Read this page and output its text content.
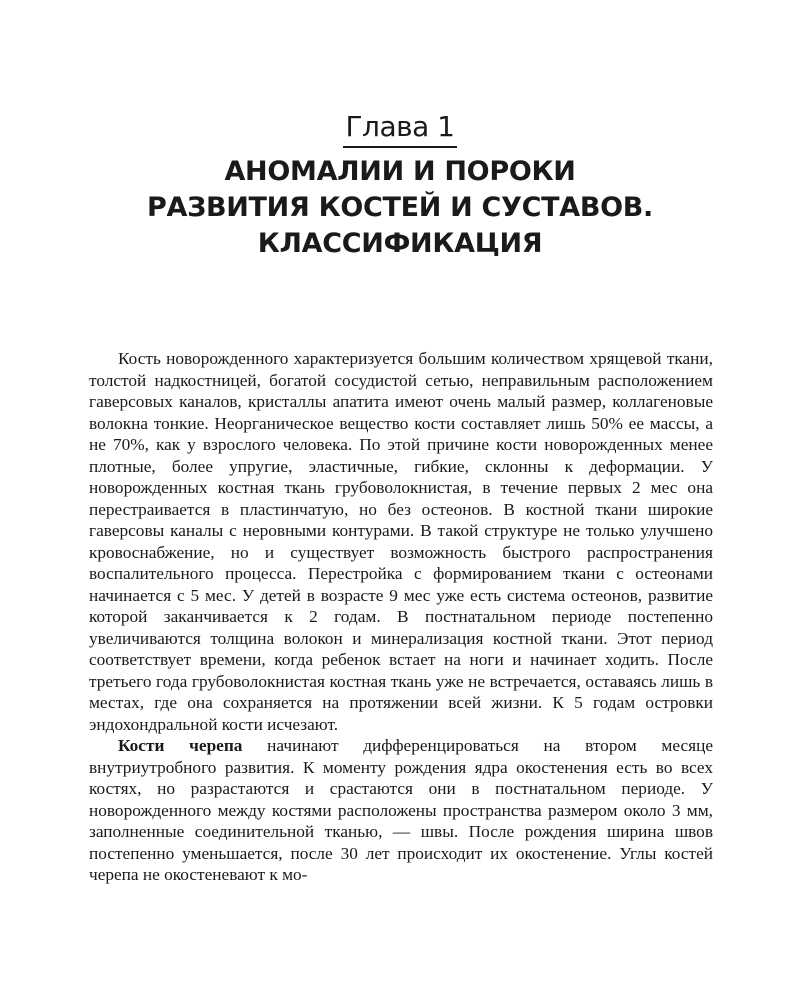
Глава 1
АНОМАЛИИ И ПОРОКИ
РАЗВИТИЯ КОСТЕЙ И СУСТАВОВ.
КЛАССИФИКАЦИЯ

Кость новорожденного характеризуется большим количеством хрящевой ткани, толстой надкостницей, богатой сосудистой сетью, неправильным расположением гаверсовых каналов, кристаллы апатита имеют очень малый размер, коллагеновые волокна тонкие. Неорганическое вещество кости составляет лишь 50% ее массы, а не 70%, как у взрослого человека. По этой причине кости новорожденных менее плотные, более упругие, эластичные, гибкие, склонны к деформации. У новорожденных костная ткань грубоволокнистая, в течение первых 2 мес она перестраивается в пластинчатую, но без остеонов. В костной ткани широкие гаверсовы каналы с неровными контурами. В такой структуре не только улучшено кровоснабжение, но и существует возможность быстрого распространения воспалительного процесса. Перестройка с формированием ткани с остеонами начинается с 5 мес. У детей в возрасте 9 мес уже есть система остеонов, развитие которой заканчивается к 2 годам. В постнатальном периоде постепенно увеличиваются толщина волокон и минерализация костной ткани. Этот период соответствует времени, когда ребенок встает на ноги и начинает ходить. После третьего года грубоволокнистая костная ткань уже не встречается, оставаясь лишь в местах, где она сохраняется на протяжении всей жизни. К 5 годам островки эндохондральной кости исчезают.

Кости черепа начинают дифференцироваться на втором месяце внутриутробного развития. К моменту рождения ядра окостенения есть во всех костях, но разрастаются и срастаются они в постнатальном периоде. У новорожденного между костями расположены пространства размером около 3 мм, заполненные соединительной тканью, — швы. После рождения ширина швов постепенно уменьшается, после 30 лет происходит их окостенение. Углы костей черепа не окостеневают к мо-
